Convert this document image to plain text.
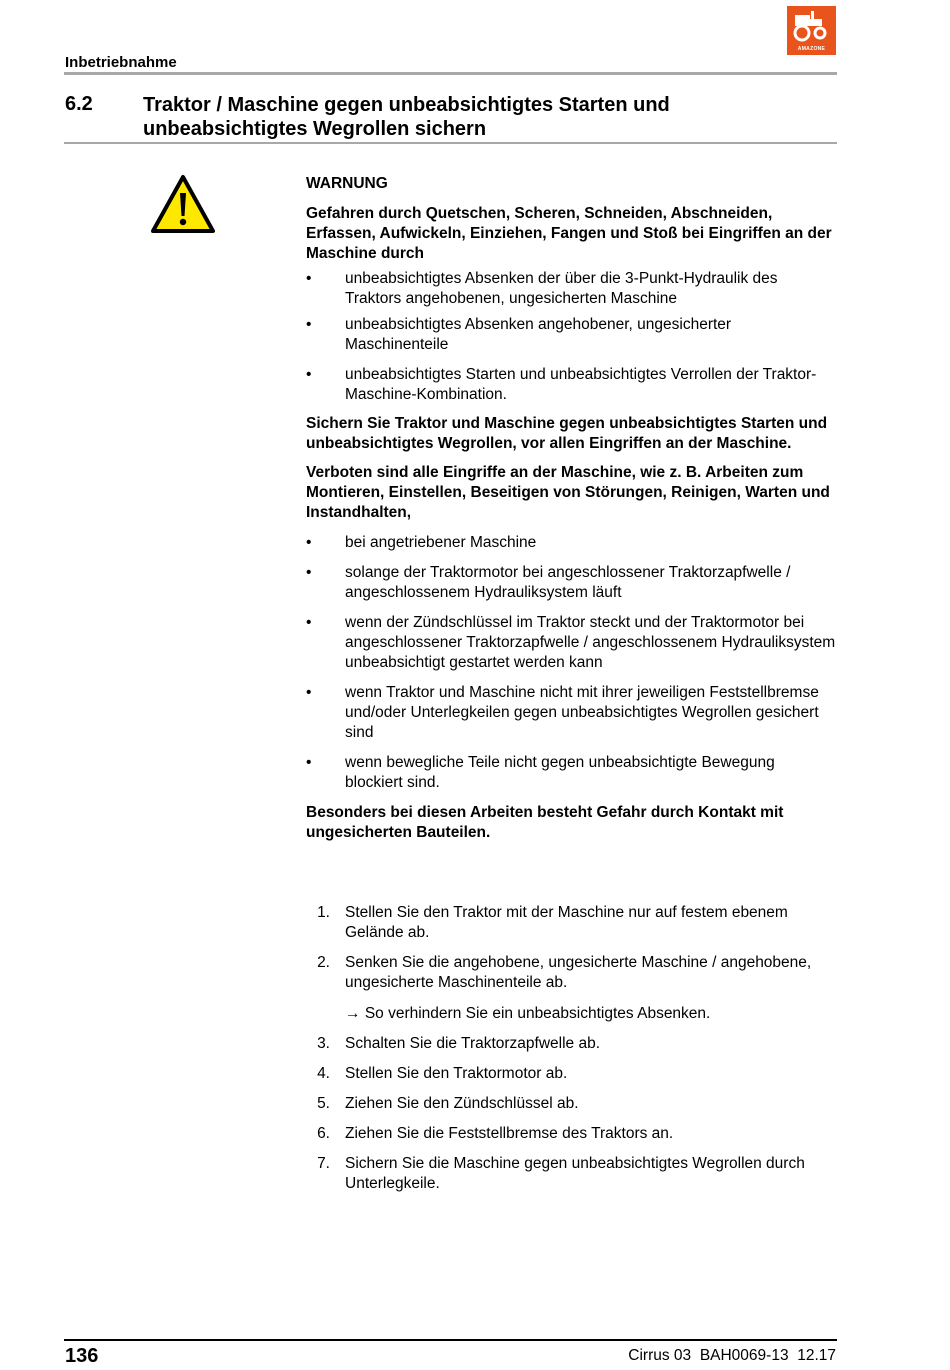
Inbetriebnahme
AMAZONE
6.2	Traktor / Maschine gegen unbeabsichtigtes Starten und unbeabsichtigtes Wegrollen sichern

WARNUNG

Gefahren durch Quetschen, Scheren, Schneiden, Abschneiden, Erfassen, Aufwickeln, Einziehen, Fangen und Stoß bei Eingriffen an der Maschine durch

• unbeabsichtigtes Absenken der über die 3-Punkt-Hydraulik des Traktors angehobenen, ungesicherten Maschine
• unbeabsichtigtes Absenken angehobener, ungesicherter Maschinenteile
• unbeabsichtigtes Starten und unbeabsichtigtes Verrollen der Traktor-Maschine-Kombination.

Sichern Sie Traktor und Maschine gegen unbeabsichtigtes Starten und unbeabsichtigtes Wegrollen, vor allen Eingriffen an der Maschine.

Verboten sind alle Eingriffe an der Maschine, wie z. B. Arbeiten zum Montieren, Einstellen, Beseitigen von Störungen, Reinigen, Warten und Instandhalten,

• bei angetriebener Maschine
• solange der Traktormotor bei angeschlossener Traktorzapfwelle / angeschlossenem Hydrauliksystem läuft
• wenn der Zündschlüssel im Traktor steckt und der Traktormotor bei angeschlossener Traktorzapfwelle / angeschlossenem Hydrauliksystem unbeabsichtigt gestartet werden kann
• wenn Traktor und Maschine nicht mit ihrer jeweiligen Feststellbremse und/oder Unterlegkeilen gegen unbeabsichtigtes Wegrollen gesichert sind
• wenn bewegliche Teile nicht gegen unbeabsichtigte Bewegung blockiert sind.

Besonders bei diesen Arbeiten besteht Gefahr durch Kontakt mit ungesicherten Bauteilen.

1. Stellen Sie den Traktor mit der Maschine nur auf festem ebenem Gelände ab.
2. Senken Sie die angehobene, ungesicherte Maschine / angehobene, ungesicherte Maschinenteile ab.
→ So verhindern Sie ein unbeabsichtigtes Absenken.
3. Schalten Sie die Traktorzapfwelle ab.
4. Stellen Sie den Traktormotor ab.
5. Ziehen Sie den Zündschlüssel ab.
6. Ziehen Sie die Feststellbremse des Traktors an.
7. Sichern Sie die Maschine gegen unbeabsichtigtes Wegrollen durch Unterlegkeile.
136	Cirrus 03 BAH0069-13 12.17
